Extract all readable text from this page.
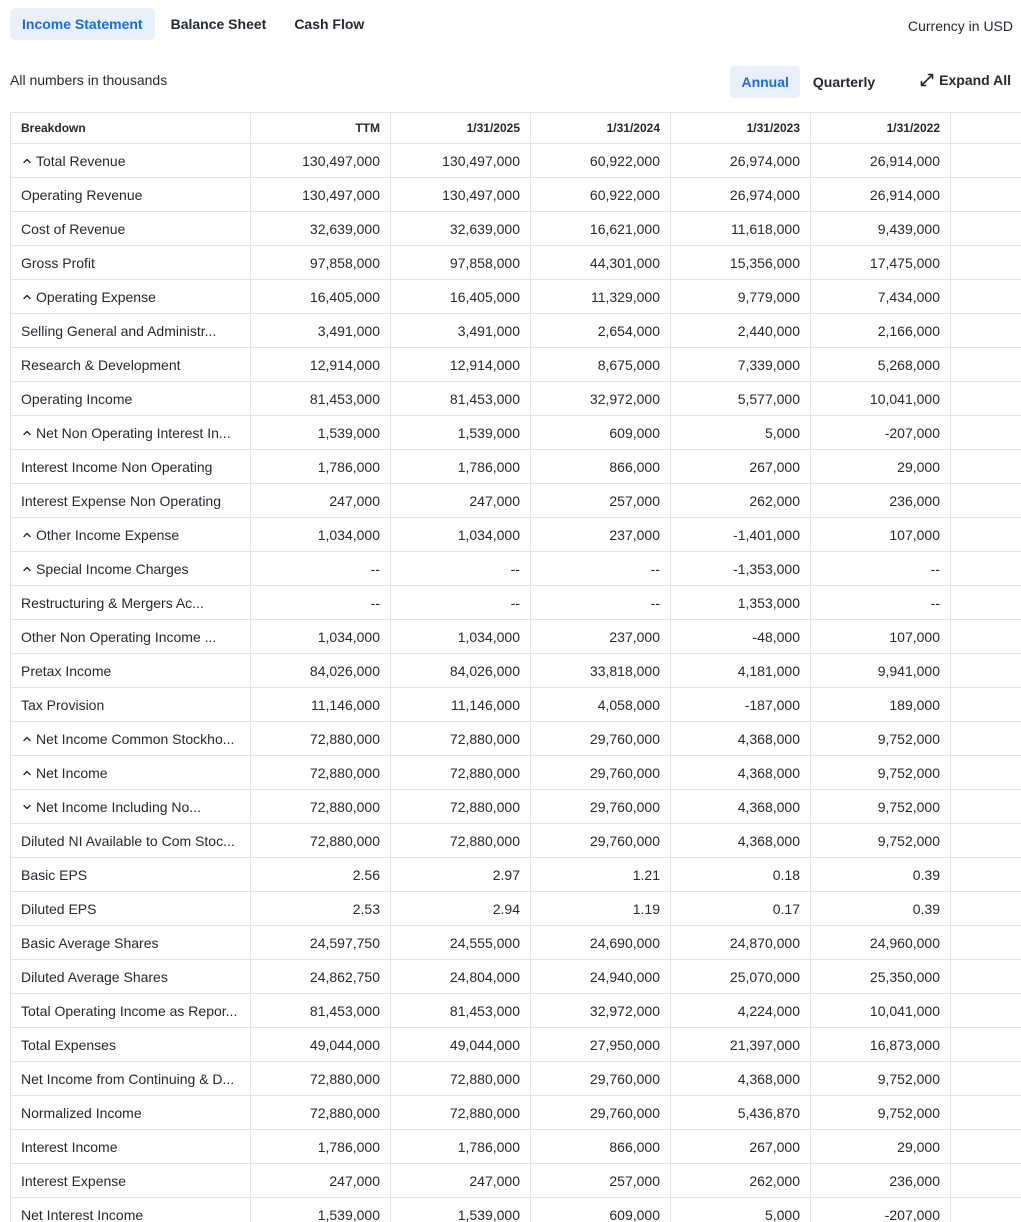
Income Statement	Balance Sheet	Cash Flow	Currency in USD
All numbers in thousands	Annual	Quarterly	Expand All
Breakdown	TTM	1/31/2025	1/31/2024	1/31/2023	1/31/2022
Total Revenue	130,497,000	130,497,000	60,922,000	26,974,000	26,914,000
Operating Revenue	130,497,000	130,497,000	60,922,000	26,974,000	26,914,000
Cost of Revenue	32,639,000	32,639,000	16,621,000	11,618,000	9,439,000
Gross Profit	97,858,000	97,858,000	44,301,000	15,356,000	17,475,000
Operating Expense	16,405,000	16,405,000	11,329,000	9,779,000	7,434,000
Selling General and Administr...	3,491,000	3,491,000	2,654,000	2,440,000	2,166,000
Research & Development	12,914,000	12,914,000	8,675,000	7,339,000	5,268,000
Operating Income	81,453,000	81,453,000	32,972,000	5,577,000	10,041,000
Net Non Operating Interest In...	1,539,000	1,539,000	609,000	5,000	-207,000
Interest Income Non Operating	1,786,000	1,786,000	866,000	267,000	29,000
Interest Expense Non Operating	247,000	247,000	257,000	262,000	236,000
Other Income Expense	1,034,000	1,034,000	237,000	-1,401,000	107,000
Special Income Charges	--	--	--	-1,353,000	--
Restructuring & Mergers Ac...	--	--	--	1,353,000	--
Other Non Operating Income ...	1,034,000	1,034,000	237,000	-48,000	107,000
Pretax Income	84,026,000	84,026,000	33,818,000	4,181,000	9,941,000
Tax Provision	11,146,000	11,146,000	4,058,000	-187,000	189,000
Net Income Common Stockho...	72,880,000	72,880,000	29,760,000	4,368,000	9,752,000
Net Income	72,880,000	72,880,000	29,760,000	4,368,000	9,752,000
Net Income Including No...	72,880,000	72,880,000	29,760,000	4,368,000	9,752,000
Diluted NI Available to Com Stoc...	72,880,000	72,880,000	29,760,000	4,368,000	9,752,000
Basic EPS	2.56	2.97	1.21	0.18	0.39
Diluted EPS	2.53	2.94	1.19	0.17	0.39
Basic Average Shares	24,597,750	24,555,000	24,690,000	24,870,000	24,960,000
Diluted Average Shares	24,862,750	24,804,000	24,940,000	25,070,000	25,350,000
Total Operating Income as Repor...	81,453,000	81,453,000	32,972,000	4,224,000	10,041,000
Total Expenses	49,044,000	49,044,000	27,950,000	21,397,000	16,873,000
Net Income from Continuing & D...	72,880,000	72,880,000	29,760,000	4,368,000	9,752,000
Normalized Income	72,880,000	72,880,000	29,760,000	5,436,870	9,752,000
Interest Income	1,786,000	1,786,000	866,000	267,000	29,000
Interest Expense	247,000	247,000	257,000	262,000	236,000
Net Interest Income	1,539,000	1,539,000	609,000	5,000	-207,000
